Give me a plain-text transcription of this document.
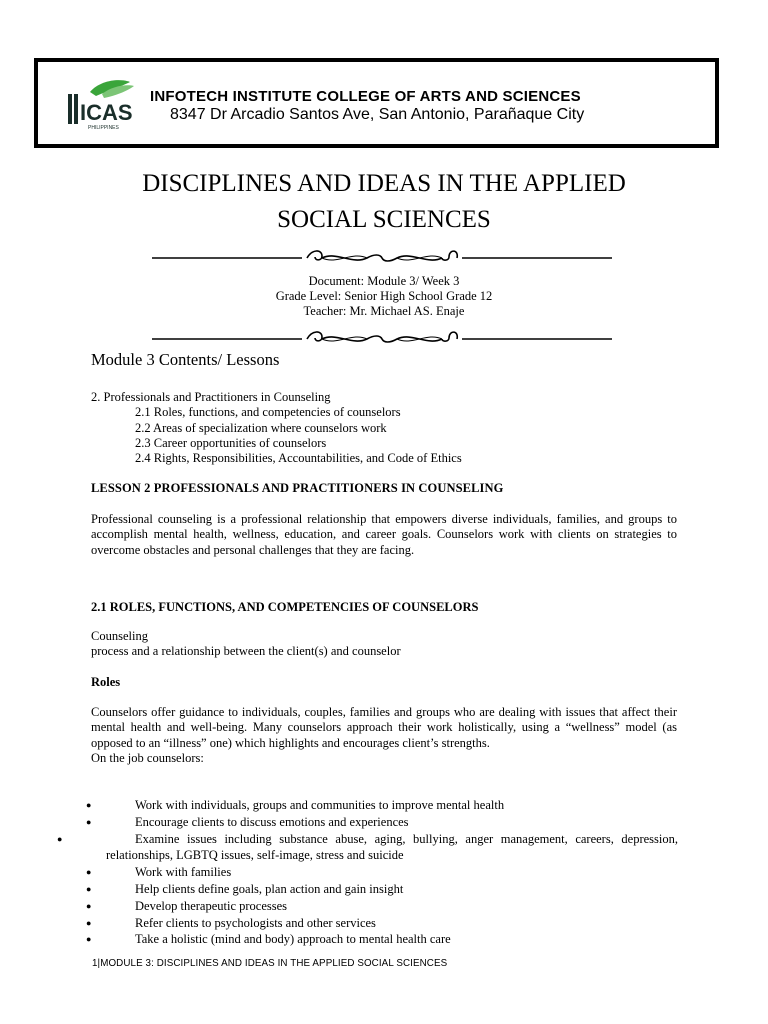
ICAS
PHILIPPINES
INFOTECH INSTITUTE COLLEGE OF ARTS AND SCIENCES
8347 Dr Arcadio Santos Ave, San Antonio, Parañaque City
DISCIPLINES AND IDEAS IN THE APPLIED
SOCIAL SCIENCES
Document: Module 3/ Week 3
Grade Level: Senior High School Grade 12
Teacher: Mr. Michael AS. Enaje
Module 3 Contents/ Lessons
2. Professionals and Practitioners in Counseling
2.1 Roles, functions, and competencies of counselors
2.2 Areas of specialization where counselors work
2.3 Career opportunities of counselors
2.4 Rights, Responsibilities, Accountabilities, and Code of Ethics
LESSON 2 PROFESSIONALS AND PRACTITIONERS IN COUNSELING
Professional counseling is a professional relationship that empowers diverse individuals, families, and groups to accomplish mental health, wellness, education, and career goals. Counselors work with clients on strategies to overcome obstacles and personal challenges that they are facing.
2.1 ROLES, FUNCTIONS, AND COMPETENCIES OF COUNSELORS
Counseling
process and a relationship between the client(s) and counselor
Roles
Counselors offer guidance to individuals, couples, families and groups who are dealing with issues that affect their mental health and well-being. Many counselors approach their work holistically, using a “wellness” model (as opposed to an “illness” one) which highlights and encourages client’s strengths.
On the job counselors:
●	Work with individuals, groups and communities to improve mental health
●	Encourage clients to discuss emotions and experiences
●	Examine issues including substance abuse, aging, bullying, anger management, careers, depression, relationships, LGBTQ issues, self-image, stress and suicide
●	Work with families
●	Help clients define goals, plan action and gain insight
●	Develop therapeutic processes
●	Refer clients to psychologists and other services
●	Take a holistic (mind and body) approach to mental health care
1|MODULE 3: DISCIPLINES AND IDEAS IN THE APPLIED SOCIAL SCIENCES
